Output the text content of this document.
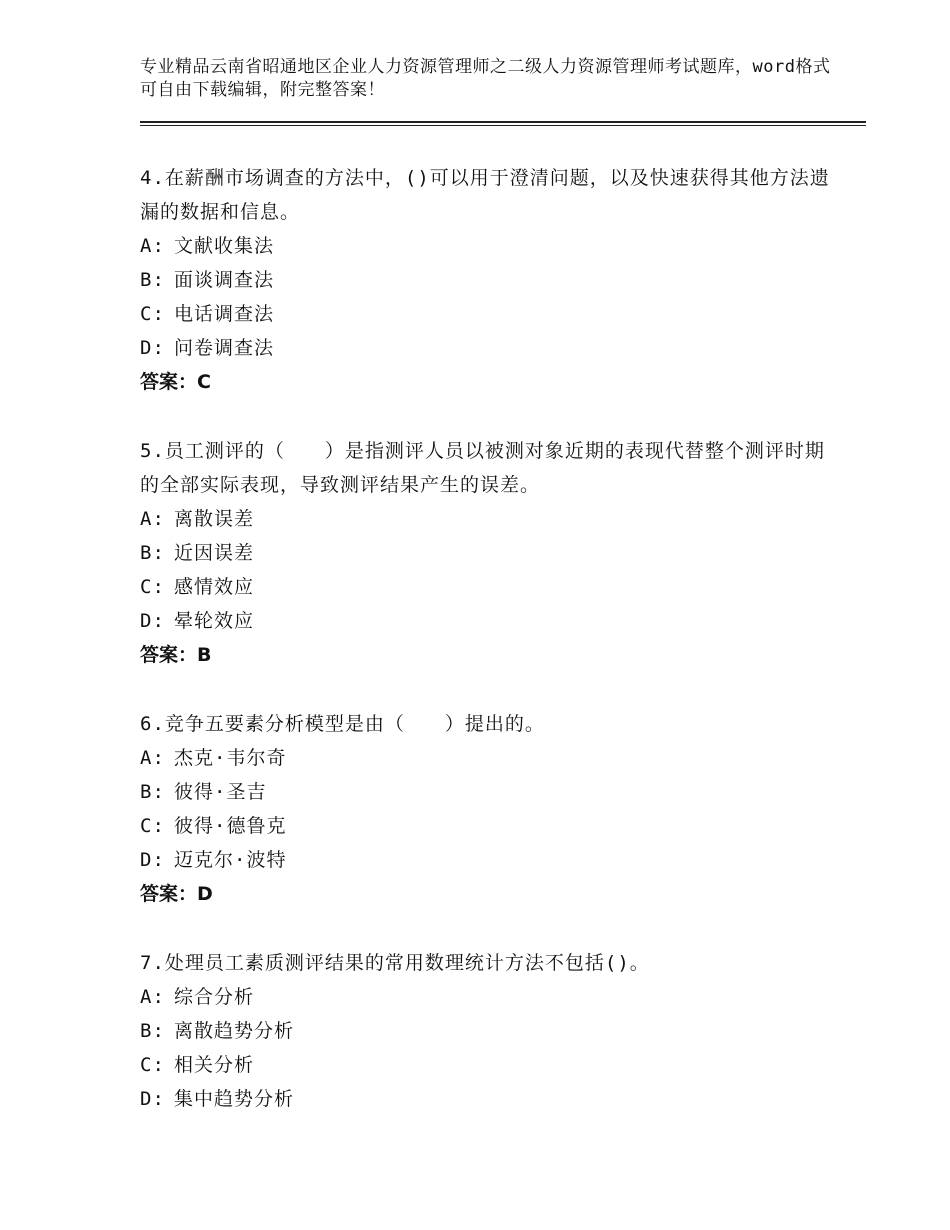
专业精品云南省昭通地区企业人力资源管理师之二级人力资源管理师考试题库，word格式可自由下载编辑，附完整答案！

4.在薪酬市场调查的方法中，()可以用于澄清问题，以及快速获得其他方法遗漏的数据和信息。

A: 文献收集法
B: 面谈调查法
C: 电话调查法
D: 问卷调查法
答案：C

5.员工测评的（　　）是指测评人员以被测对象近期的表现代替整个测评时期的全部实际表现，导致测评结果产生的误差。

A: 离散误差
B: 近因误差
C: 感情效应
D: 晕轮效应
答案：B

6.竞争五要素分析模型是由（　　）提出的。

A: 杰克·韦尔奇
B: 彼得·圣吉
C: 彼得·德鲁克
D: 迈克尔·波特
答案：D

7.处理员工素质测评结果的常用数理统计方法不包括()。

A: 综合分析
B: 离散趋势分析
C: 相关分析
D: 集中趋势分析
